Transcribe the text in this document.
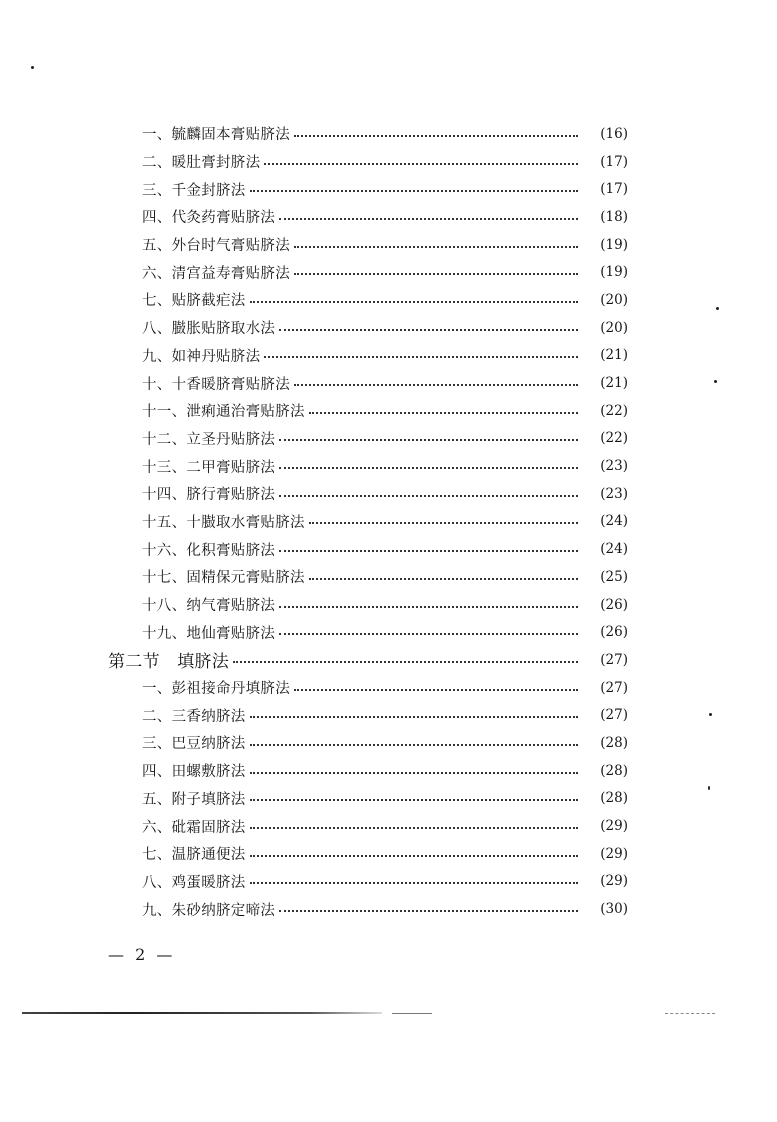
一、毓麟固本膏贴脐法	(16)
二、暖肚膏封脐法	(17)
三、千金封脐法	(17)
四、代灸药膏贴脐法	(18)
五、外台时气膏贴脐法	(19)
六、清宫益寿膏贴脐法	(19)
七、贴脐截疟法	(20)
八、臌胀贴脐取水法	(20)
九、如神丹贴脐法	(21)
十、十香暖脐膏贴脐法	(21)
十一、泄痢通治膏贴脐法	(22)
十二、立圣丹贴脐法	(22)
十三、二甲膏贴脐法	(23)
十四、脐行膏贴脐法	(23)
十五、十臌取水膏贴脐法	(24)
十六、化积膏贴脐法	(24)
十七、固精保元膏贴脐法	(25)
十八、纳气膏贴脐法	(26)
十九、地仙膏贴脐法	(26)
第二节　填脐法	(27)
一、彭祖接命丹填脐法	(27)
二、三香纳脐法	(27)
三、巴豆纳脐法	(28)
四、田螺敷脐法	(28)
五、附子填脐法	(28)
六、砒霜固脐法	(29)
七、温脐通便法	(29)
八、鸡蛋暖脐法	(29)
九、朱砂纳脐定啼法	(30)
— 2 —
